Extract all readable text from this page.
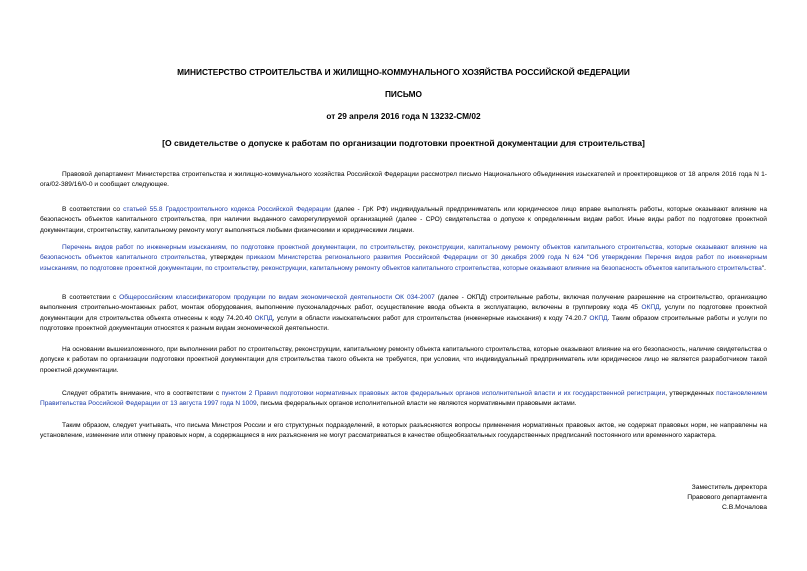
МИНИСТЕРСТВО СТРОИТЕЛЬСТВА И ЖИЛИЩНО-КОММУНАЛЬНОГО ХОЗЯЙСТВА РОССИЙСКОЙ ФЕДЕРАЦИИ
ПИСЬМО
от 29 апреля 2016 года N 13232-СМ/02
[О свидетельстве о допуске к работам по организации подготовки проектной документации для строительства]

Правовой департамент Министерства строительства и жилищно-коммунального хозяйства Российской Федерации рассмотрел письмо Национального объединения изыскателей и проектировщиков от 18 апреля 2016 года N 1-ога/02-389/16/0-0 и сообщает следующее.

В соответствии со статьей 55.8 Градостроительного кодекса Российской Федерации (далее - ГрК РФ) индивидуальный предприниматель или юридическое лицо вправе выполнять работы, которые оказывают влияние на безопасность объектов капитального строительства, при наличии выданного саморегулируемой организацией (далее - СРО) свидетельства о допуске к определенным видам работ. Иные виды работ по подготовке проектной документации, строительству, капитальному ремонту могут выполняться любыми физическими и юридическими лицами.

Перечень видов работ по инженерным изысканиям, по подготовке проектной документации, по строительству, реконструкции, капитальному ремонту объектов капитального строительства, которые оказывают влияние на безопасность объектов капитального строительства, утвержден приказом Министерства регионального развития Российской Федерации от 30 декабря 2009 года N 624 "Об утверждении Перечня видов работ по инженерным изысканиям, по подготовке проектной документации, по строительству, реконструкции, капитальному ремонту объектов капитального строительства, которые оказывают влияние на безопасность объектов капитального строительства".

В соответствии с Общероссийским классификатором продукции по видам экономической деятельности ОК 034-2007 (далее - ОКПД) строительные работы, включая получение разрешение на строительство, организацию выполнения строительно-монтажных работ, монтаж оборудования, выполнение пусконаладочных работ, осуществление ввода объекта в эксплуатацию, включены в группировку кода 45 ОКПД, услуги по подготовке проектной документации для строительства объекта отнесены к коду 74.20.40 ОКПД, услуги в области изыскательских работ для строительства (инженерные изыскания) к коду 74.20.7 ОКПД. Таким образом строительные работы и услуги по подготовке проектной документации относятся к разным видам экономической деятельности.

На основании вышеизложенного, при выполнении работ по строительству, реконструкции, капитальному ремонту объекта капитального строительства, которые оказывают влияние на его безопасность, наличие свидетельства о допуске к работам по организации подготовки проектной документации для строительства такого объекта не требуется, при условии, что индивидуальный предприниматель или юридическое лицо не является разработчиком такой проектной документации.

Следует обратить внимание, что в соответствии с пунктом 2 Правил подготовки нормативных правовых актов федеральных органов исполнительной власти и их государственной регистрации, утвержденных постановлением Правительства Российской Федерации от 13 августа 1997 года N 1009, письма федеральных органов исполнительной власти не являются нормативными правовыми актами.

Таким образом, следует учитывать, что письма Минстроя России и его структурных подразделений, в которых разъясняются вопросы применения нормативных правовых актов, не содержат правовых норм, не направлены на установление, изменение или отмену правовых норм, а содержащиеся в них разъяснения не могут рассматриваться в качестве общеобязательных государственных предписаний постоянного или временного характера.

Заместитель директора
Правового департамента
С.В.Мочалова
